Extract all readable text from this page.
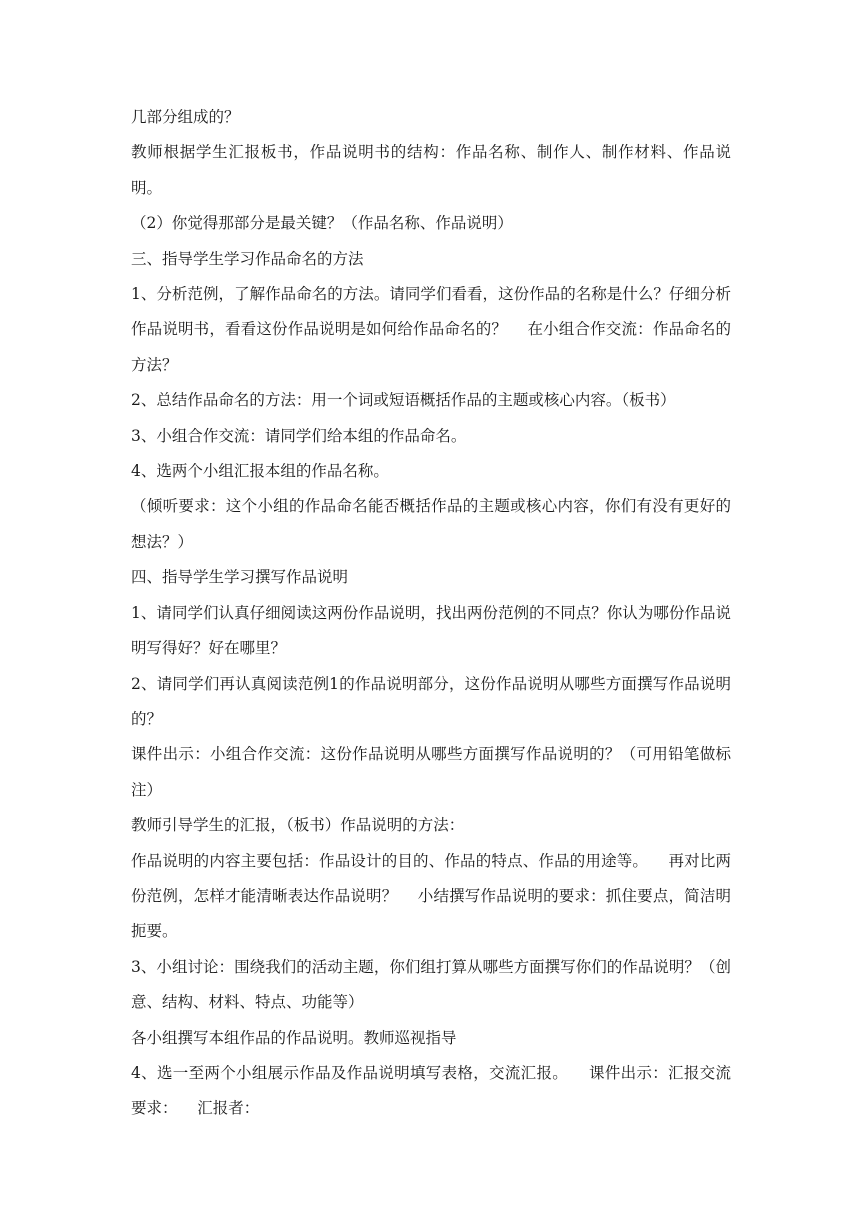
几部分组成的？

教师根据学生汇报板书，作品说明书的结构：作品名称、制作人、制作材料、作品说明。

（2）你觉得那部分是最关键？（作品名称、作品说明）

三、指导学生学习作品命名的方法

1、分析范例，了解作品命名的方法。请同学们看看，这份作品的名称是什么？仔细分析作品说明书，看看这份作品说明是如何给作品命名的？    在小组合作交流：作品命名的方法？

2、总结作品命名的方法：用一个词或短语概括作品的主题或核心内容。（板书）

3、小组合作交流：请同学们给本组的作品命名。

4、选两个小组汇报本组的作品名称。

（倾听要求：这个小组的作品命名能否概括作品的主题或核心内容，你们有没有更好的想法？）

四、指导学生学习撰写作品说明

1、请同学们认真仔细阅读这两份作品说明，找出两份范例的不同点？你认为哪份作品说明写得好？好在哪里？

2、请同学们再认真阅读范例1的作品说明部分，这份作品说明从哪些方面撰写作品说明的？

课件出示：小组合作交流：这份作品说明从哪些方面撰写作品说明的？（可用铅笔做标注）

教师引导学生的汇报，（板书）作品说明的方法：

作品说明的内容主要包括：作品设计的目的、作品的特点、作品的用途等。    再对比两份范例，怎样才能清晰表达作品说明？    小结撰写作品说明的要求：抓住要点，简洁明扼要。

3、小组讨论：围绕我们的活动主题，你们组打算从哪些方面撰写你们的作品说明？（创意、结构、材料、特点、功能等）

各小组撰写本组作品的作品说明。教师巡视指导

4、选一至两个小组展示作品及作品说明填写表格，交流汇报。    课件出示：汇报交流要求：    汇报者：
